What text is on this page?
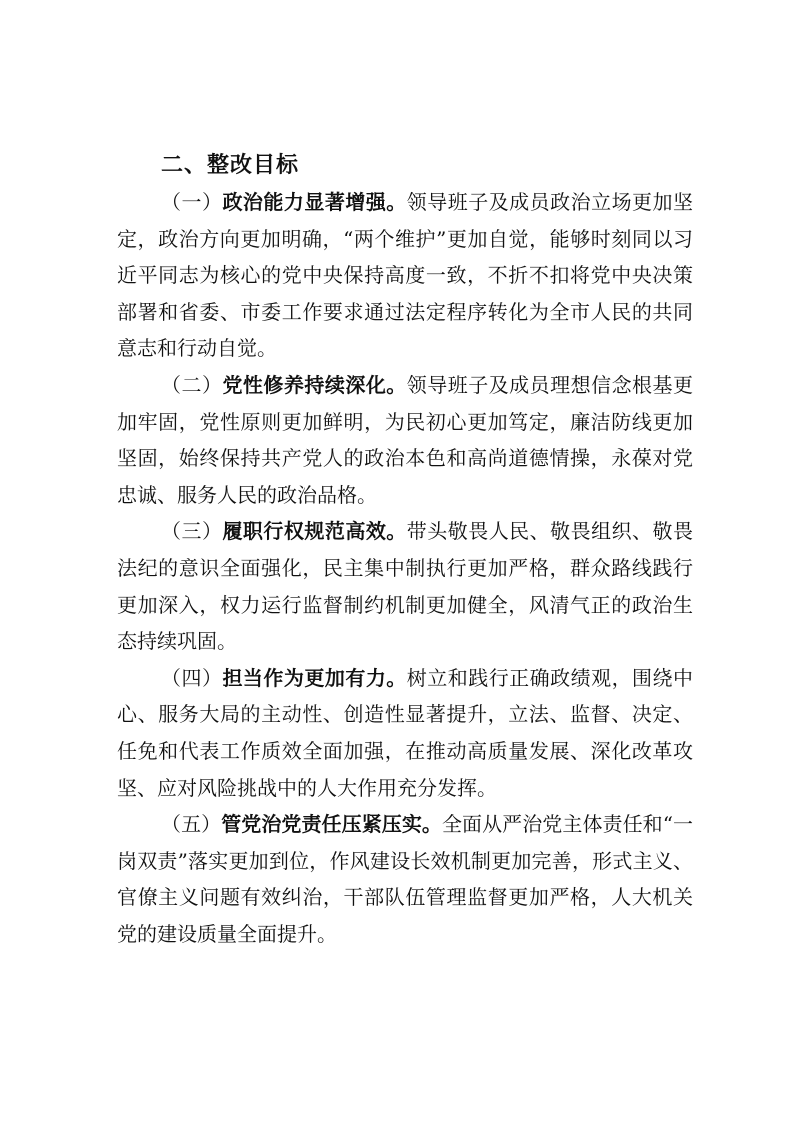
二、整改目标

（一）政治能力显著增强。领导班子及成员政治立场更加坚定，政治方向更加明确，“两个维护”更加自觉，能够时刻同以习近平同志为核心的党中央保持高度一致，不折不扣将党中央决策部署和省委、市委工作要求通过法定程序转化为全市人民的共同意志和行动自觉。

（二）党性修养持续深化。领导班子及成员理想信念根基更加牢固，党性原则更加鲜明，为民初心更加笃定，廉洁防线更加坚固，始终保持共产党人的政治本色和高尚道德情操，永葆对党忠诚、服务人民的政治品格。

（三）履职行权规范高效。带头敬畏人民、敬畏组织、敬畏法纪的意识全面强化，民主集中制执行更加严格，群众路线践行更加深入，权力运行监督制约机制更加健全，风清气正的政治生态持续巩固。

（四）担当作为更加有力。树立和践行正确政绩观，围绕中心、服务大局的主动性、创造性显著提升，立法、监督、决定、任免和代表工作质效全面加强，在推动高质量发展、深化改革攻坚、应对风险挑战中的人大作用充分发挥。

（五）管党治党责任压紧压实。全面从严治党主体责任和“一岗双责”落实更加到位，作风建设长效机制更加完善，形式主义、官僚主义问题有效纠治，干部队伍管理监督更加严格，人大机关党的建设质量全面提升。
